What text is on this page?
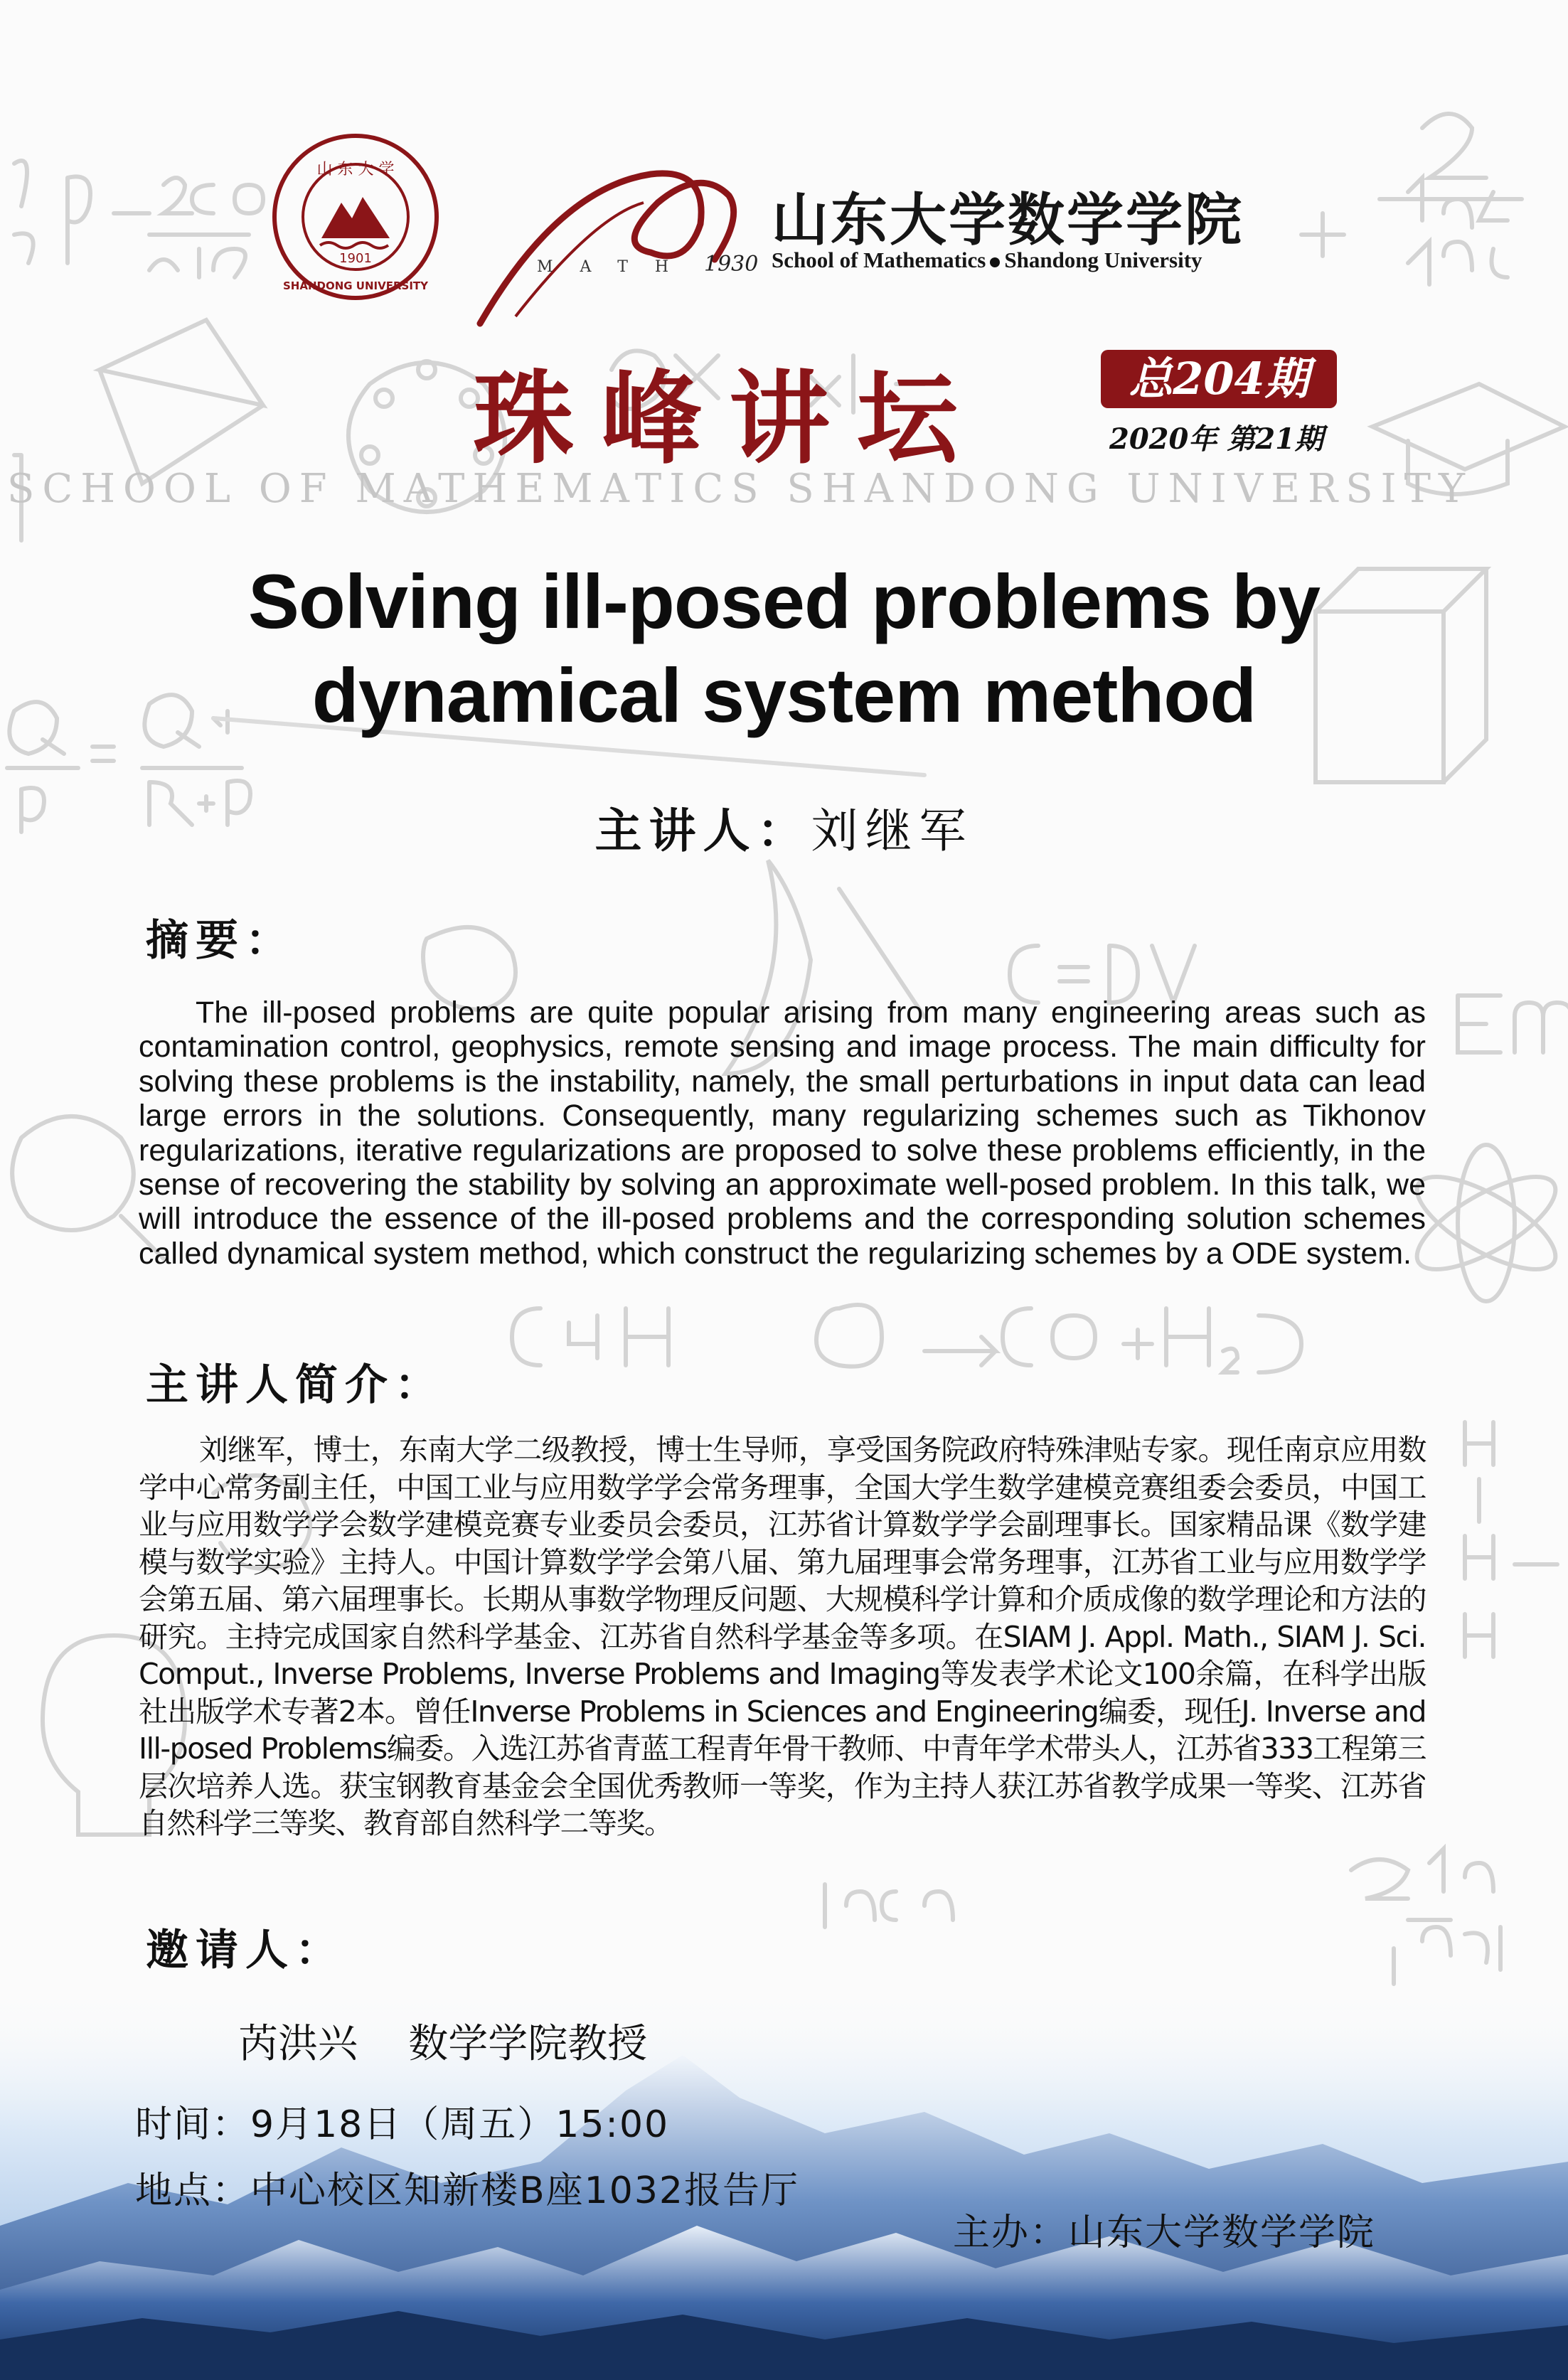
山 东 大 学
1901
SHANDONG UNIVERSITY
MATH 1930
山东大学数学学院
School of Mathematics Shandong University
珠峰讲坛	总204期
2020年 第21期
SCHOOL OF MATHEMATICS SHANDONG UNIVERSITY
Solving ill-posed problems by dynamical system method
主讲人：刘继军
摘要：
The ill-posed problems are quite popular arising from many engineering areas such as contamination control, geophysics, remote sensing and image process. The main difficulty for solving these problems is the instability, namely, the small perturbations in input data can lead large errors in the solutions. Consequently, many regularizing schemes such as Tikhonov regularizations, iterative regularizations are proposed to solve these problems efficiently, in the sense of recovering the stability by solving an approximate well-posed problem. In this talk, we will introduce the essence of the ill-posed problems and the corresponding solution schemes called dynamical system method, which construct the regularizing schemes by a ODE system.
主讲人简介：
刘继军，博士，东南大学二级教授，博士生导师，享受国务院政府特殊津贴专家。现任南京应用数学中心常务副主任，中国工业与应用数学学会常务理事，全国大学生数学建模竞赛组委会委员，中国工业与应用数学学会数学建模竞赛专业委员会委员，江苏省计算数学学会副理事长。国家精品课《数学建模与数学实验》主持人。中国计算数学学会第八届、第九届理事会常务理事，江苏省工业与应用数学学会第五届、第六届理事长。长期从事数学物理反问题、大规模科学计算和介质成像的数学理论和方法的研究。主持完成国家自然科学基金、江苏省自然科学基金等多项。在SIAM J. Appl. Math., SIAM J. Sci. Comput., Inverse Problems, Inverse Problems and Imaging等发表学术论文100余篇，在科学出版社出版学术专著2本。曾任Inverse Problems in Sciences and Engineering编委，现任J. Inverse and Ill-posed Problems编委。入选江苏省青蓝工程青年骨干教师、中青年学术带头人，江苏省333工程第三层次培养人选。获宝钢教育基金会全国优秀教师一等奖，作为主持人获江苏省教学成果一等奖、江苏省自然科学三等奖、教育部自然科学二等奖。
邀请人：
芮洪兴 数学学院教授
时间：9月18日（周五）15:00
地点：中心校区知新楼B座1032报告厅
主办：山东大学数学学院
